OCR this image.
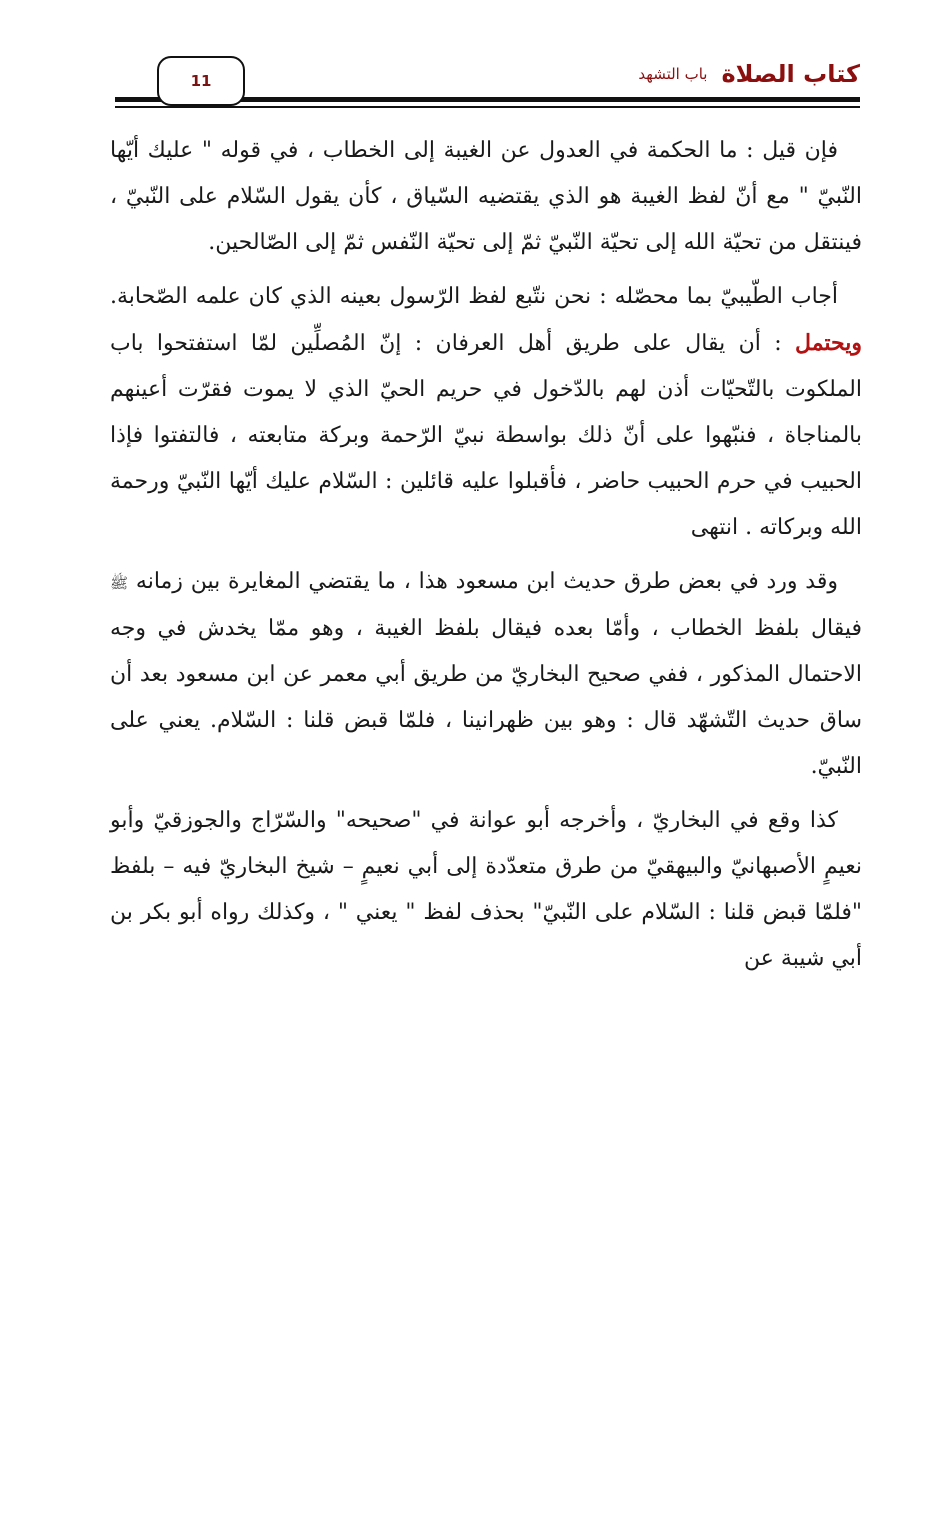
11	كتاب الصلاة
باب التشهد

فإن قيل : ما الحكمة في العدول عن الغيبة إلى الخطاب ، في قوله " عليك أيّها النّبيّ " مع أنّ لفظ الغيبة هو الذي يقتضيه السّياق ، كأن يقول السّلام على النّبيّ ، فينتقل من تحيّة الله إلى تحيّة النّبيّ ثمّ إلى تحيّة النّفس ثمّ إلى الصّالحين.

أجاب الطّيبيّ بما محصّله : نحن نتّبع لفظ الرّسول بعينه الذي كان علمه الصّحابة. ويحتمل : أن يقال على طريق أهل العرفان : إنّ المُصلِّين لمّا استفتحوا باب الملكوت بالتّحيّات أذن لهم بالدّخول في حريم الحيّ الذي لا يموت فقرّت أعينهم بالمناجاة ، فنبّهوا على أنّ ذلك بواسطة نبيّ الرّحمة وبركة متابعته ، فالتفتوا فإذا الحبيب في حرم الحبيب حاضر ، فأقبلوا عليه قائلين : السّلام عليك أيّها النّبيّ ورحمة الله وبركاته . انتهى

وقد ورد في بعض طرق حديث ابن مسعود هذا ، ما يقتضي المغايرة بين زمانه ﷺ فيقال بلفظ الخطاب ، وأمّا بعده فيقال بلفظ الغيبة ، وهو ممّا يخدش في وجه الاحتمال المذكور ، ففي صحيح البخاريّ من طريق أبي معمر عن ابن مسعود بعد أن ساق حديث التّشهّد قال : وهو بين ظهرانينا ، فلمّا قبض قلنا : السّلام. يعني على النّبيّ.

كذا وقع في البخاريّ ، وأخرجه أبو عوانة في "صحيحه" والسّرّاج والجوزقيّ وأبو نعيمٍ الأصبهانيّ والبيهقيّ من طرق متعدّدة إلى أبي نعيمٍ – شيخ البخاريّ فيه – بلفظ "فلمّا قبض قلنا : السّلام على النّبيّ" بحذف لفظ " يعني " ، وكذلك رواه أبو بكر بن أبي شيبة عن
